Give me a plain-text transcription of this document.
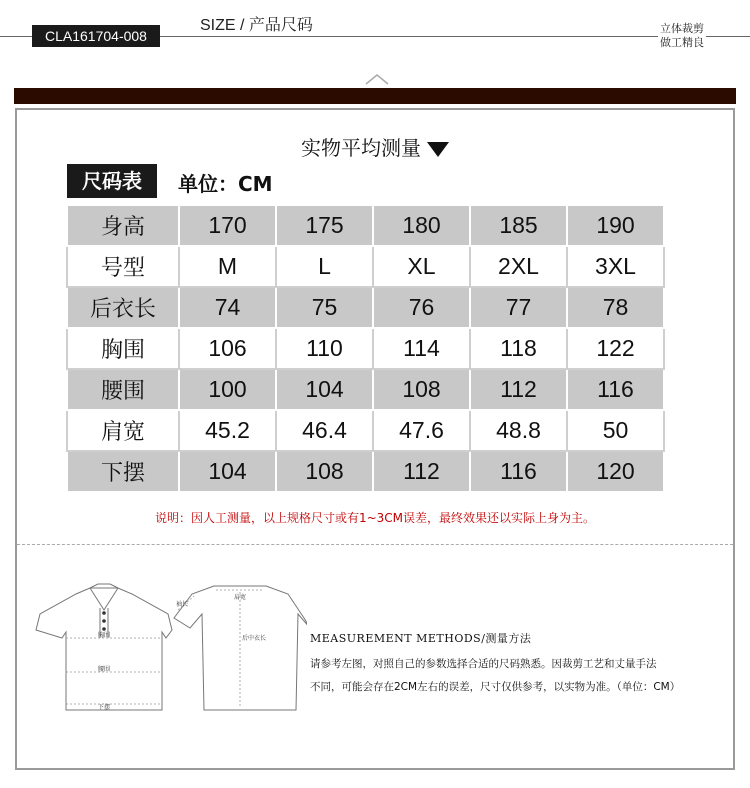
CLA161704-008
SIZE / 产品尺码	立体裁剪
做工精良
实物平均测量
尺码表	单位：CM
身高	170	175	180	185	190
号型	M	L	XL	2XL	3XL
后衣长	74	75	76	77	78
胸围	106	110	114	118	122
腰围	100	104	108	112	116
肩宽	45.2	46.4	47.6	48.8	50
下摆	104	108	112	116	120
说明：因人工测量，以上规格尺寸或有1~3CM误差，最终效果还以实际上身为主。
胸围
腰围
下摆
袖长
肩宽
后中衣长	MEASUREMENT METHODS/测量方法
请参考左图，对照自己的参数选择合适的尺码熟悉。因裁剪工艺和丈量手法
不同，可能会存在2CM左右的误差，尺寸仅供参考，以实物为准。（单位：CM）
